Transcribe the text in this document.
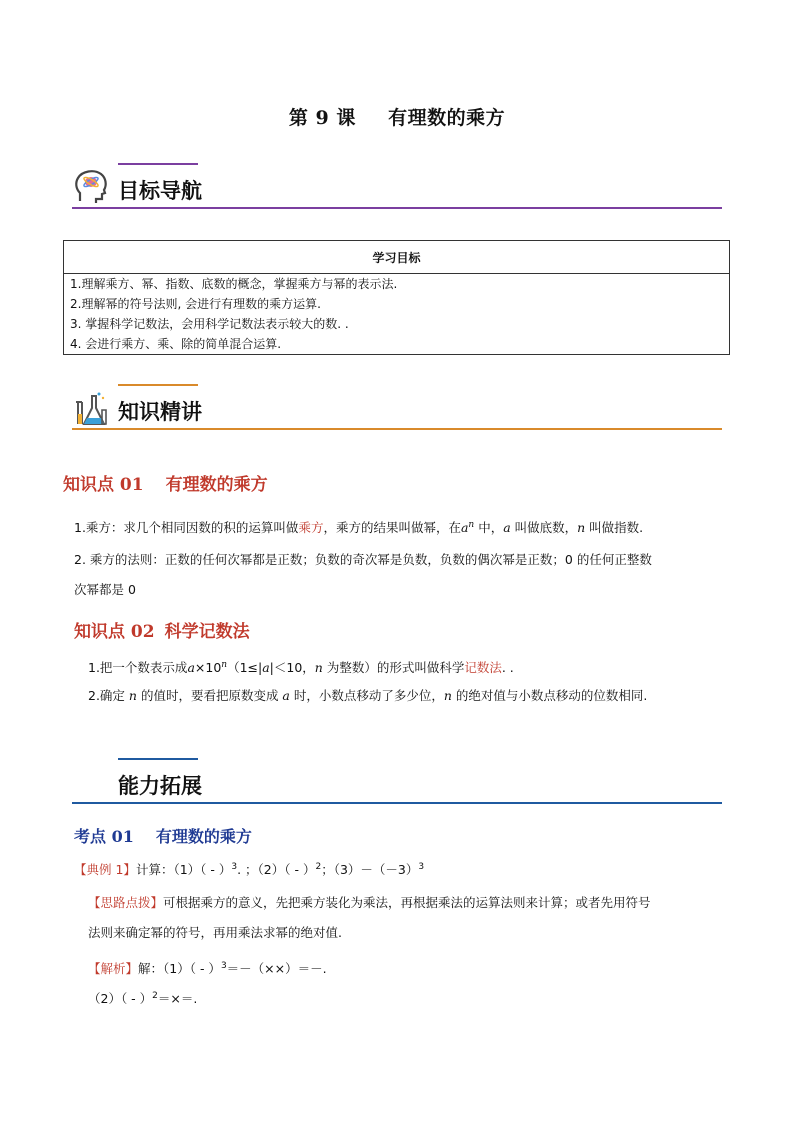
第 9 课 有理数的乘方
目标导航
学习目标
1.理解乘方、幂、指数、底数的概念，掌握乘方与幂的表示法.
2.理解幂的符号法则, 会进行有理数的乘方运算.
3. 掌握科学记数法，会用科学记数法表示较大的数. .
4. 会进行乘方、乘、除的简单混合运算.
知识精讲
知识点 01 有理数的乘方
1.乘方：求几个相同因数的积的运算叫做乘方，乘方的结果叫做幂，在$a^n$ 中，a 叫做底数，n 叫做指数.
2. 乘方的法则：正数的任何次幂都是正数；负数的奇次幂是负数，负数的偶次幂是正数；0 的任何正整数
次幂都是 0
知识点 02 科学记数法
1.把一个数表示成$a\times 10^n(1\le|a|<10$，n 为整数）的形式叫做科学记数法. .
2.确定 n 的值时，要看把原数变成 a 时，小数点移动了多少位，n 的绝对值与小数点移动的位数相同.
能力拓展
考点 01 有理数的乘方
【典例 1】计算：$(1)( - )^3$. ；$(2)( - )^2$；$(3)-(-3)^3$
【思路点拨】可根据乘方的意义，先把乘方装化为乘法，再根据乘法的运算法则来计算；或者先用符号
法则来确定幂的符号，再用乘法求幂的绝对值.
【解析】解：$(1)( - )^3=-(\times\times)=-$.
$(2)( - )^2=\times=$.
